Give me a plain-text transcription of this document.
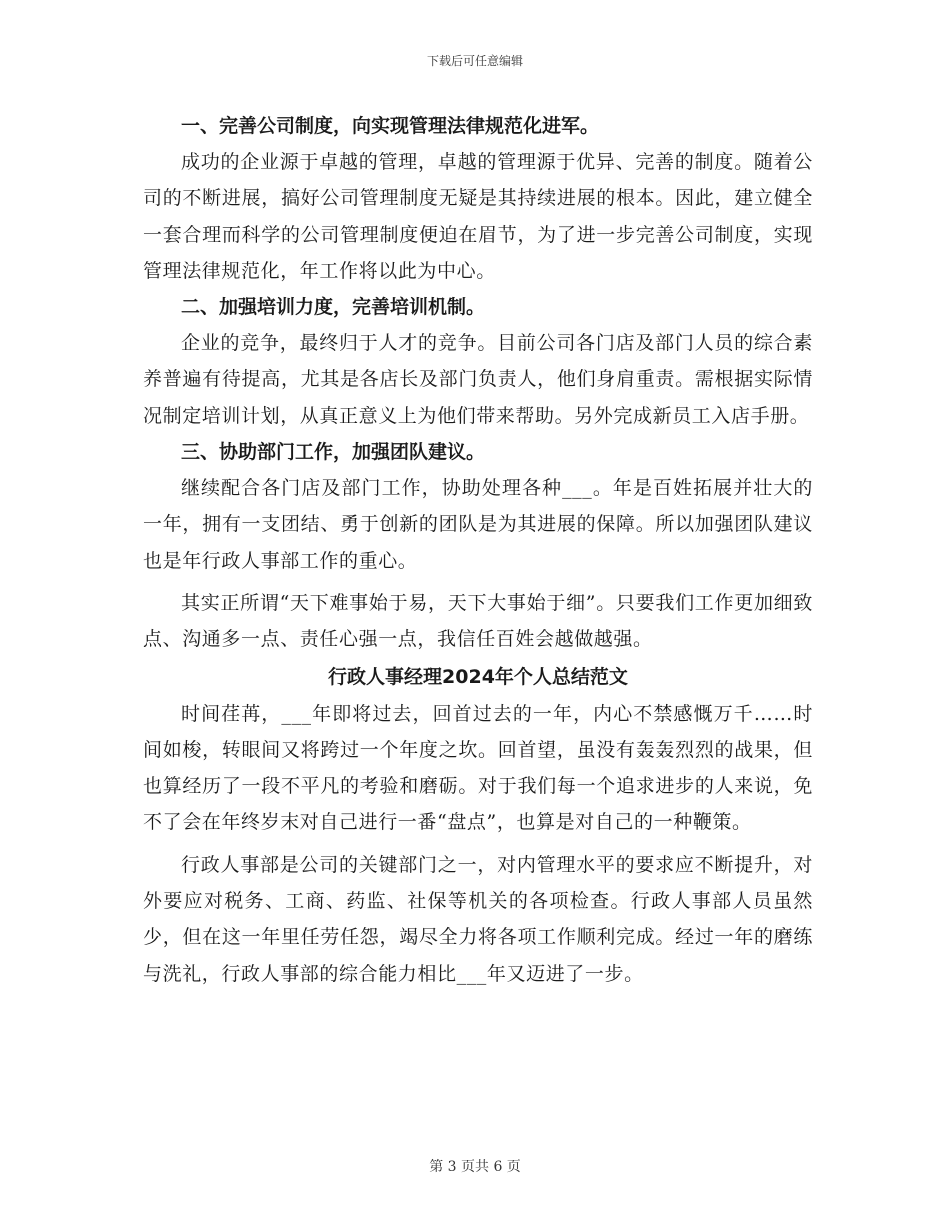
下载后可任意编辑
一、完善公司制度，向实现管理法律规范化进军。

成功的企业源于卓越的管理，卓越的管理源于优异、完善的制度。随着公司的不断进展，搞好公司管理制度无疑是其持续进展的根本。因此，建立健全一套合理而科学的公司管理制度便迫在眉节，为了进一步完善公司制度，实现管理法律规范化，年工作将以此为中心。

二、加强培训力度，完善培训机制。

企业的竞争，最终归于人才的竞争。目前公司各门店及部门人员的综合素养普遍有待提高，尤其是各店长及部门负责人，他们身肩重责。需根据实际情况制定培训计划，从真正意义上为他们带来帮助。另外完成新员工入店手册。

三、协助部门工作，加强团队建议。

继续配合各门店及部门工作，协助处理各种___。年是百姓拓展并壮大的一年，拥有一支团结、勇于创新的团队是为其进展的保障。所以加强团队建议也是年行政人事部工作的重心。

其实正所谓“天下难事始于易，天下大事始于细”。只要我们工作更加细致点、沟通多一点、责任心强一点，我信任百姓会越做越强。

行政人事经理2024年个人总结范文

时间荏苒，___年即将过去，回首过去的一年，内心不禁感慨万千……时间如梭，转眼间又将跨过一个年度之坎。回首望，虽没有轰轰烈烈的战果，但也算经历了一段不平凡的考验和磨砺。对于我们每一个追求进步的人来说，免不了会在年终岁末对自己进行一番“盘点”，也算是对自己的一种鞭策。

行政人事部是公司的关键部门之一，对内管理水平的要求应不断提升，对外要应对税务、工商、药监、社保等机关的各项检查。行政人事部人员虽然少，但在这一年里任劳任怨，竭尽全力将各项工作顺利完成。经过一年的磨练与洗礼，行政人事部的综合能力相比___年又迈进了一步。

第 3 页共 6 页
